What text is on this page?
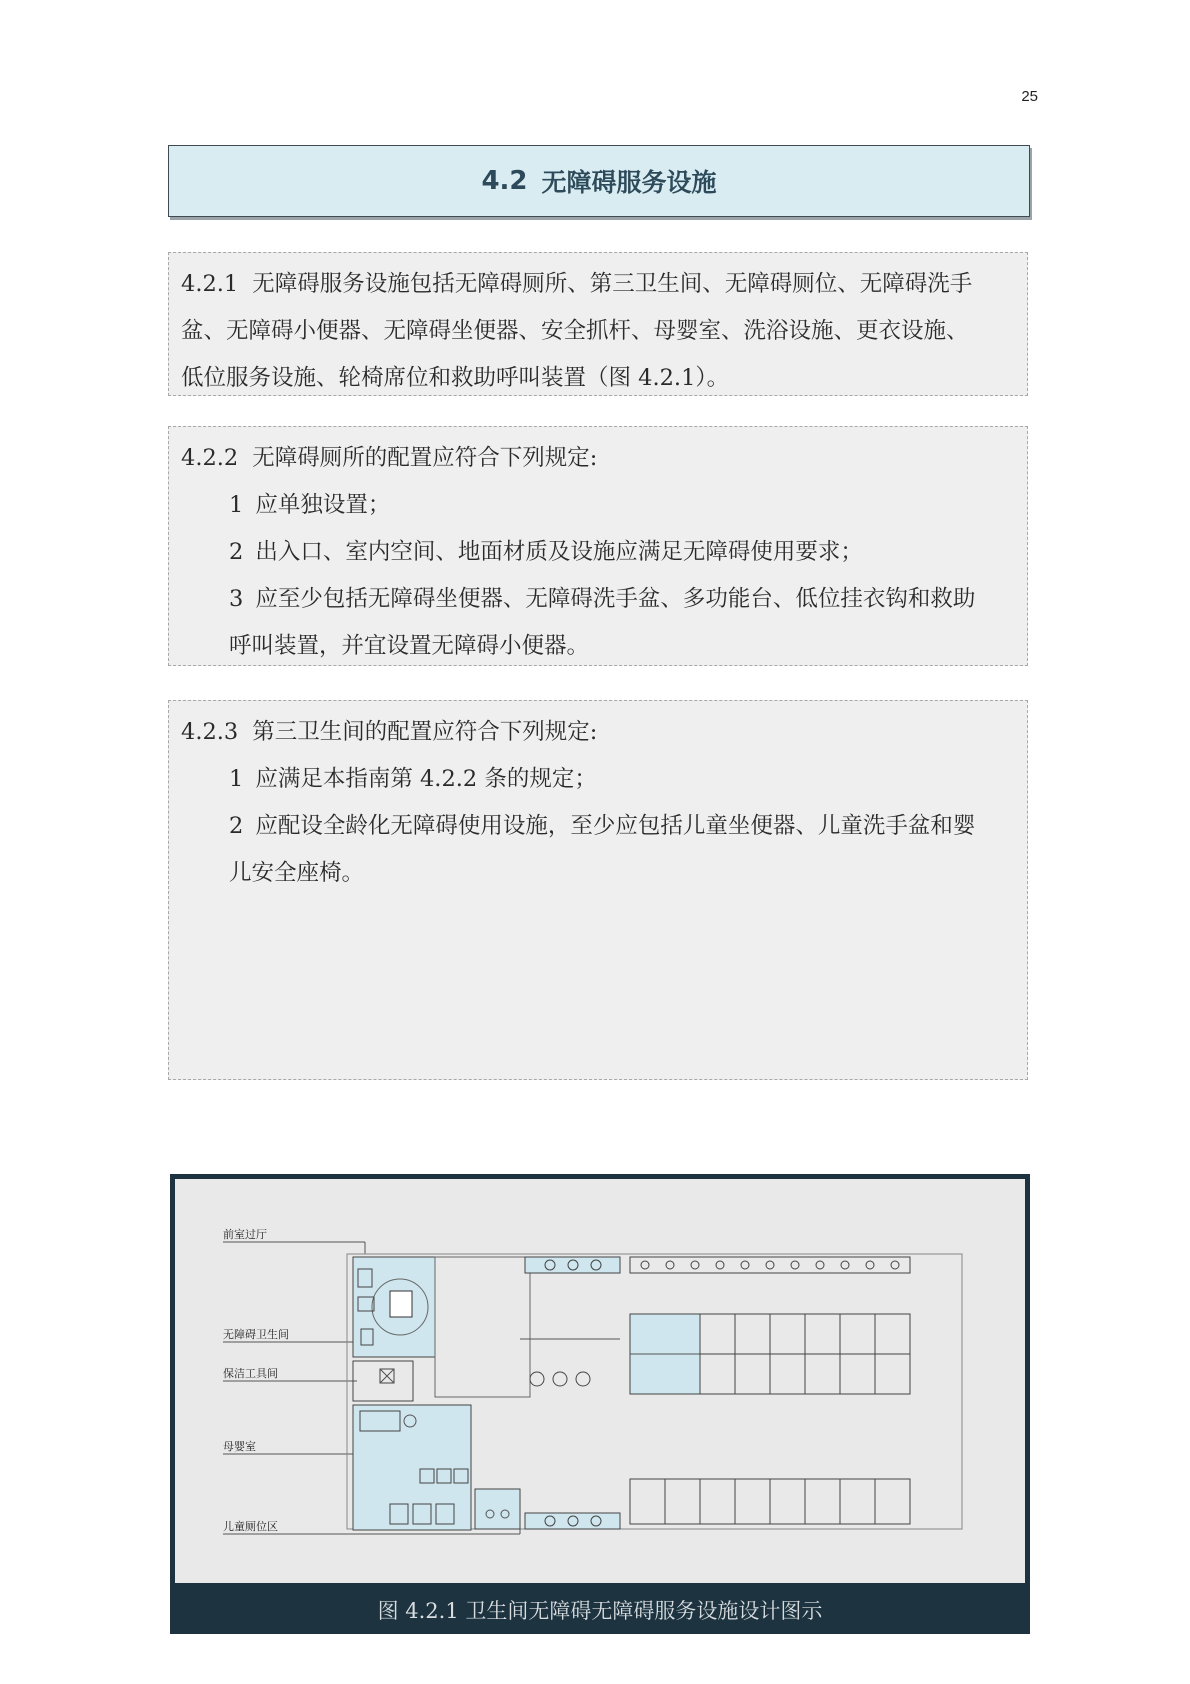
25
4.2 无障碍服务设施
4.2.1 无障碍服务设施包括无障碍厕所、第三卫生间、无障碍厕位、无障碍洗手
盆、无障碍小便器、无障碍坐便器、安全抓杆、母婴室、洗浴设施、更衣设施、
低位服务设施、轮椅席位和救助呼叫装置（图 4.2.1）。
4.2.2 无障碍厕所的配置应符合下列规定:
1 应单独设置；
2 出入口、室内空间、地面材质及设施应满足无障碍使用要求；
3 应至少包括无障碍坐便器、无障碍洗手盆、多功能台、低位挂衣钩和救助
呼叫装置，并宜设置无障碍小便器。
4.2.3 第三卫生间的配置应符合下列规定:
1 应满足本指南第 4.2.2 条的规定；
2 应配设全龄化无障碍使用设施，至少应包括儿童坐便器、儿童洗手盆和婴
儿安全座椅。
前室过厅
无障碍卫生间
保洁工具间
母婴室
儿童厕位区
图 4.2.1 卫生间无障碍无障碍服务设施设计图示
